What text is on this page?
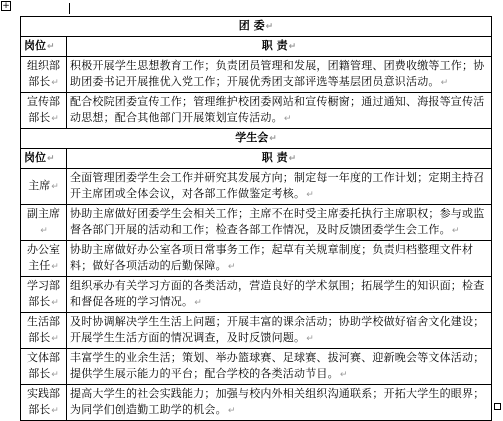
+
团 委↵	
岗位↵	职 责↵
组织部部长↵	积极开展学生思想教育工作；负责团员管理和发展，团籍管理、团费收缴等工作；协助团委书记开展推优入党工作；开展优秀团支部评选等基层团员意识活动。↵
宣传部部长↵	配合校院团委宣传工作；管理维护校团委网站和宣传橱窗；通过通知、海报等宣传活动思想；配合其他部门开展策划宣传活动。↵
学生会↵	
岗位↵	职 责↵
主席↵	全面管理团委学生会工作并研究其发展方向；制定每一年度的工作计划；定期主持召开主席团或全体会议，对各部工作做鉴定考核。↵
副主席↵	协助主席做好团委学生会相关工作；主席不在时受主席委托执行主席职权；参与或监督各部门开展的活动和工作；检查各部工作情况，及时反馈团委学生会工作。↵
办公室主任↵	协助主席做好办公室各项日常事务工作；起草有关规章制度；负责归档整理文件材料；做好各项活动的后勤保障。↵
学习部部长↵	组织承办有关学习方面的各类活动，营造良好的学术氛围；拓展学生的知识面；检查和督促各班的学习情况。↵
生活部部长↵	及时协调解决学生生活上问题；开展丰富的课余活动；协助学校做好宿舍文化建设；开展学生生活方面的情况调查，及时反馈问题。↵
文体部部长↵	丰富学生的业余生活；策划、举办篮球赛、足球赛、拔河赛、迎新晚会等文体活动；提供学生展示能力的平台；配合学校的各类活动节目。↵
实践部部长↵	提高大学生的社会实践能力；加强与校内外相关组织沟通联系；开拓大学生的眼界；为同学们创造勤工助学的机会。↵
